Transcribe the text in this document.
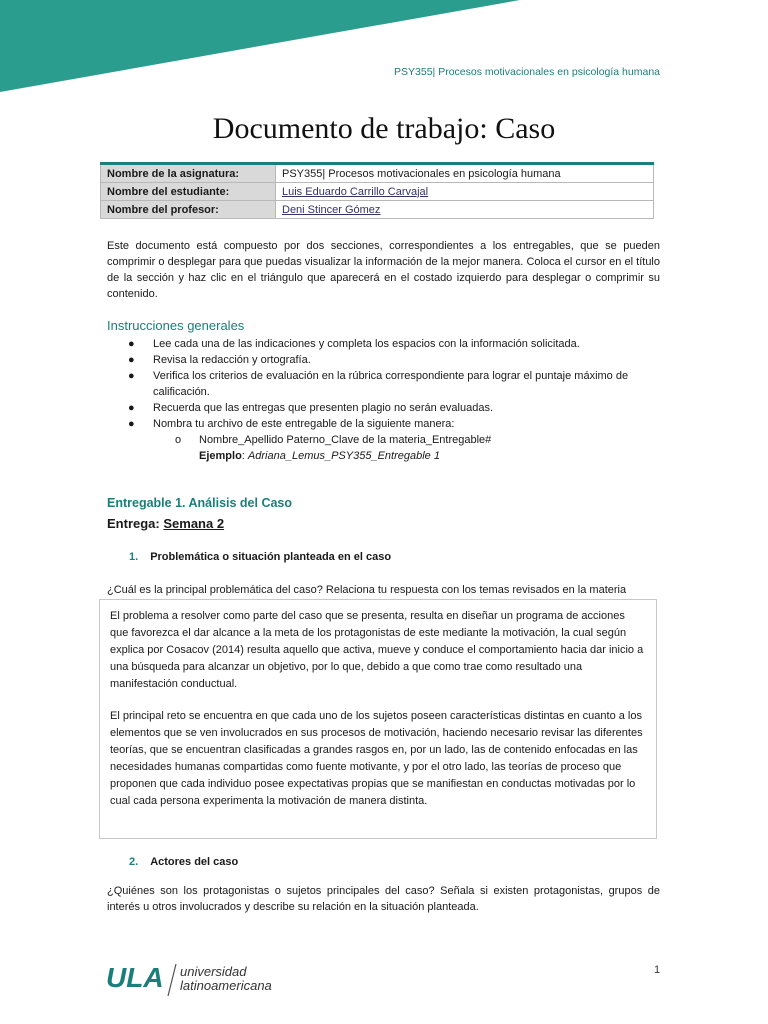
PSY355| Procesos motivacionales en psicología humana
Documento de trabajo: Caso
Nombre de la asignatura:	PSY355| Procesos motivacionales en psicología humana
Nombre del estudiante:	Luis Eduardo Carrillo Carvajal
Nombre del profesor:	Deni Stincer Gómez
Este documento está compuesto por dos secciones, correspondientes a los entregables, que se pueden comprimir o desplegar para que puedas visualizar la información de la mejor manera. Coloca el cursor en el título de la sección y haz clic en el triángulo que aparecerá en el costado izquierdo para desplegar o comprimir su contenido.
Instrucciones generales
● Lee cada una de las indicaciones y completa los espacios con la información solicitada.
● Revisa la redacción y ortografía.
● Verifica los criterios de evaluación en la rúbrica correspondiente para lograr el puntaje máximo de calificación.
● Recuerda que las entregas que presenten plagio no serán evaluadas.
● Nombra tu archivo de este entregable de la siguiente manera:
o Nombre_Apellido Paterno_Clave de la materia_Entregable#
Ejemplo: Adriana_Lemus_PSY355_Entregable 1
Entregable 1. Análisis del Caso
Entrega: Semana 2
1. Problemática o situación planteada en el caso
¿Cuál es la principal problemática del caso? Relaciona tu respuesta con los temas revisados en la materia

El problema a resolver como parte del caso que se presenta, resulta en diseñar un programa de acciones que favorezca el dar alcance a la meta de los protagonistas de este mediante la motivación, la cual según explica por Cosacov (2014) resulta aquello que activa, mueve y conduce el comportamiento hacia dar inicio a una búsqueda para alcanzar un objetivo, por lo que, debido a que como trae como resultado una manifestación conductual.

El principal reto se encuentra en que cada uno de los sujetos poseen características distintas en cuanto a los elementos que se ven involucrados en sus procesos de motivación, haciendo necesario revisar las diferentes teorías, que se encuentran clasificadas a grandes rasgos en, por un lado, las de contenido enfocadas en las necesidades humanas compartidas como fuente motivante, y por el otro lado, las teorías de proceso que proponen que cada individuo posee expectativas propias que se manifiestan en conductas motivadas por lo cual cada persona experimenta la motivación de manera distinta.

2. Actores del caso
¿Quiénes son los protagonistas o sujetos principales del caso? Señala si existen protagonistas, grupos de interés u otros involucrados y describe su relación en la situación planteada.
ULA universidad
latinoamericana
1
